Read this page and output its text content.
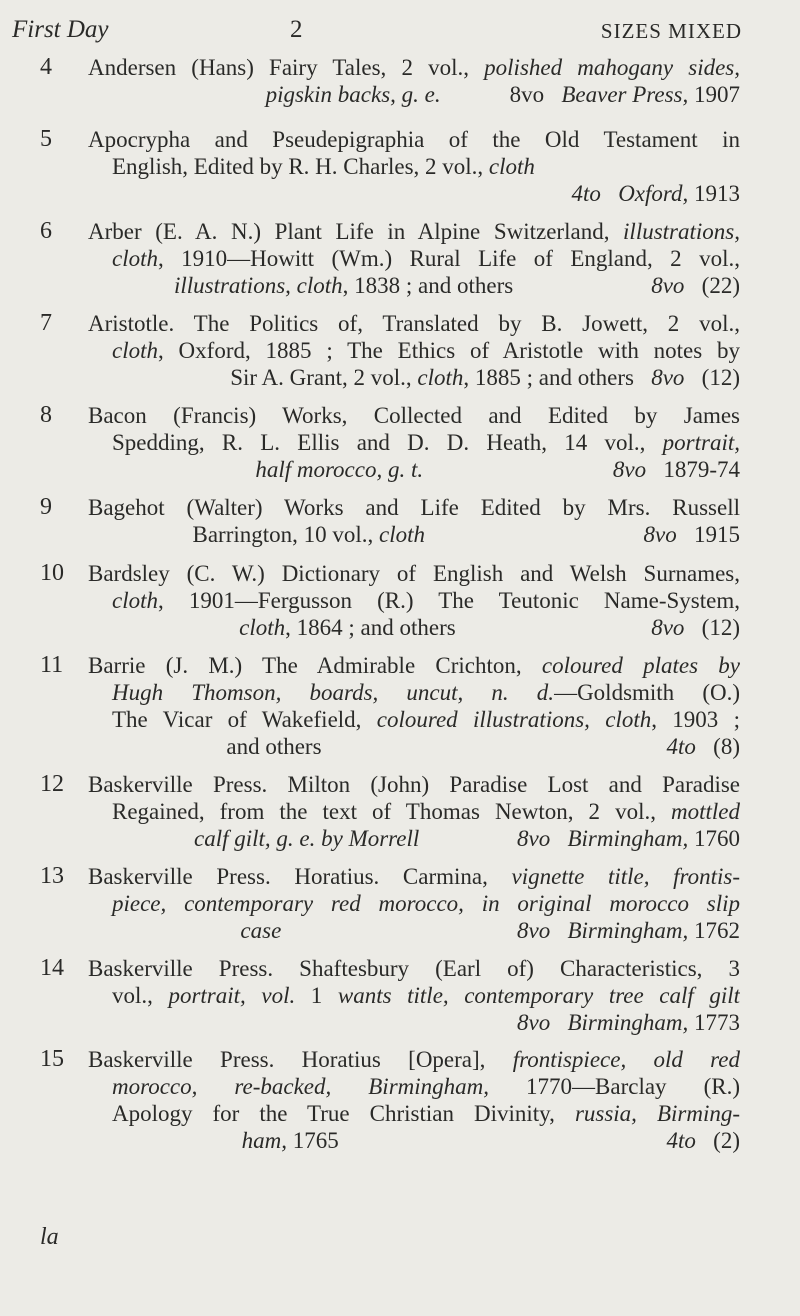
First Day	2	SIZES MIXED
4	Andersen (Hans) Fairy Tales, 2 vol., polished mahogany sides,
pigskin backs, g. e.            8vo   Beaver Press, 1907
5	Apocrypha and Pseudepigraphia of the Old Testament in
English, Edited by R. H. Charles, 2 vol., cloth
4to   Oxford, 1913
6	Arber (E. A. N.) Plant Life in Alpine Switzerland, illustrations,
cloth, 1910—Howitt (Wm.) Rural Life of England, 2 vol.,
illustrations, cloth, 1838 ; and others                        8vo   (22)
7	Aristotle. The Politics of, Translated by B. Jowett, 2 vol.,
cloth, Oxford, 1885 ; The Ethics of Aristotle with notes by
Sir A. Grant, 2 vol., cloth, 1885 ; and others   8vo   (12)
8	Bacon (Francis) Works, Collected and Edited by James
Spedding, R. L. Ellis and D. D. Heath, 14 vol., portrait,
half morocco, g. t.	8vo   1879-74
9	Bagehot (Walter) Works and Life Edited by Mrs. Russell
Barrington, 10 vol., cloth	8vo   1915
10	Bardsley (C. W.) Dictionary of English and Welsh Surnames,
cloth, 1901—Fergusson (R.) The Teutonic Name-System,
cloth, 1864 ; and others                                  8vo   (12)
11	Barrie (J. M.) The Admirable Crichton, coloured plates by
Hugh Thomson, boards, uncut, n. d.—Goldsmith (O.)
The Vicar of Wakefield, coloured illustrations, cloth, 1903 ;
and others                                                            4to   (8)
12	Baskerville Press. Milton (John) Paradise Lost and Paradise
Regained, from the text of Thomas Newton, 2 vol., mottled
calf gilt, g. e. by Morrell	8vo   Birmingham, 1760
13	Baskerville Press. Horatius. Carmina, vignette title, frontis-
piece, contemporary red morocco, in original morocco slip
case	8vo   Birmingham, 1762
14	Baskerville Press. Shaftesbury (Earl of) Characteristics, 3
vol., portrait, vol. 1 wants title, contemporary tree calf gilt
8vo   Birmingham, 1773
15	Baskerville Press. Horatius [Opera], frontispiece, old red
morocco, re-backed, Birmingham, 1770—Barclay (R.)
Apology for the True Christian Divinity, russia, Birming-
ham, 1765                                                         4to   (2)
la
